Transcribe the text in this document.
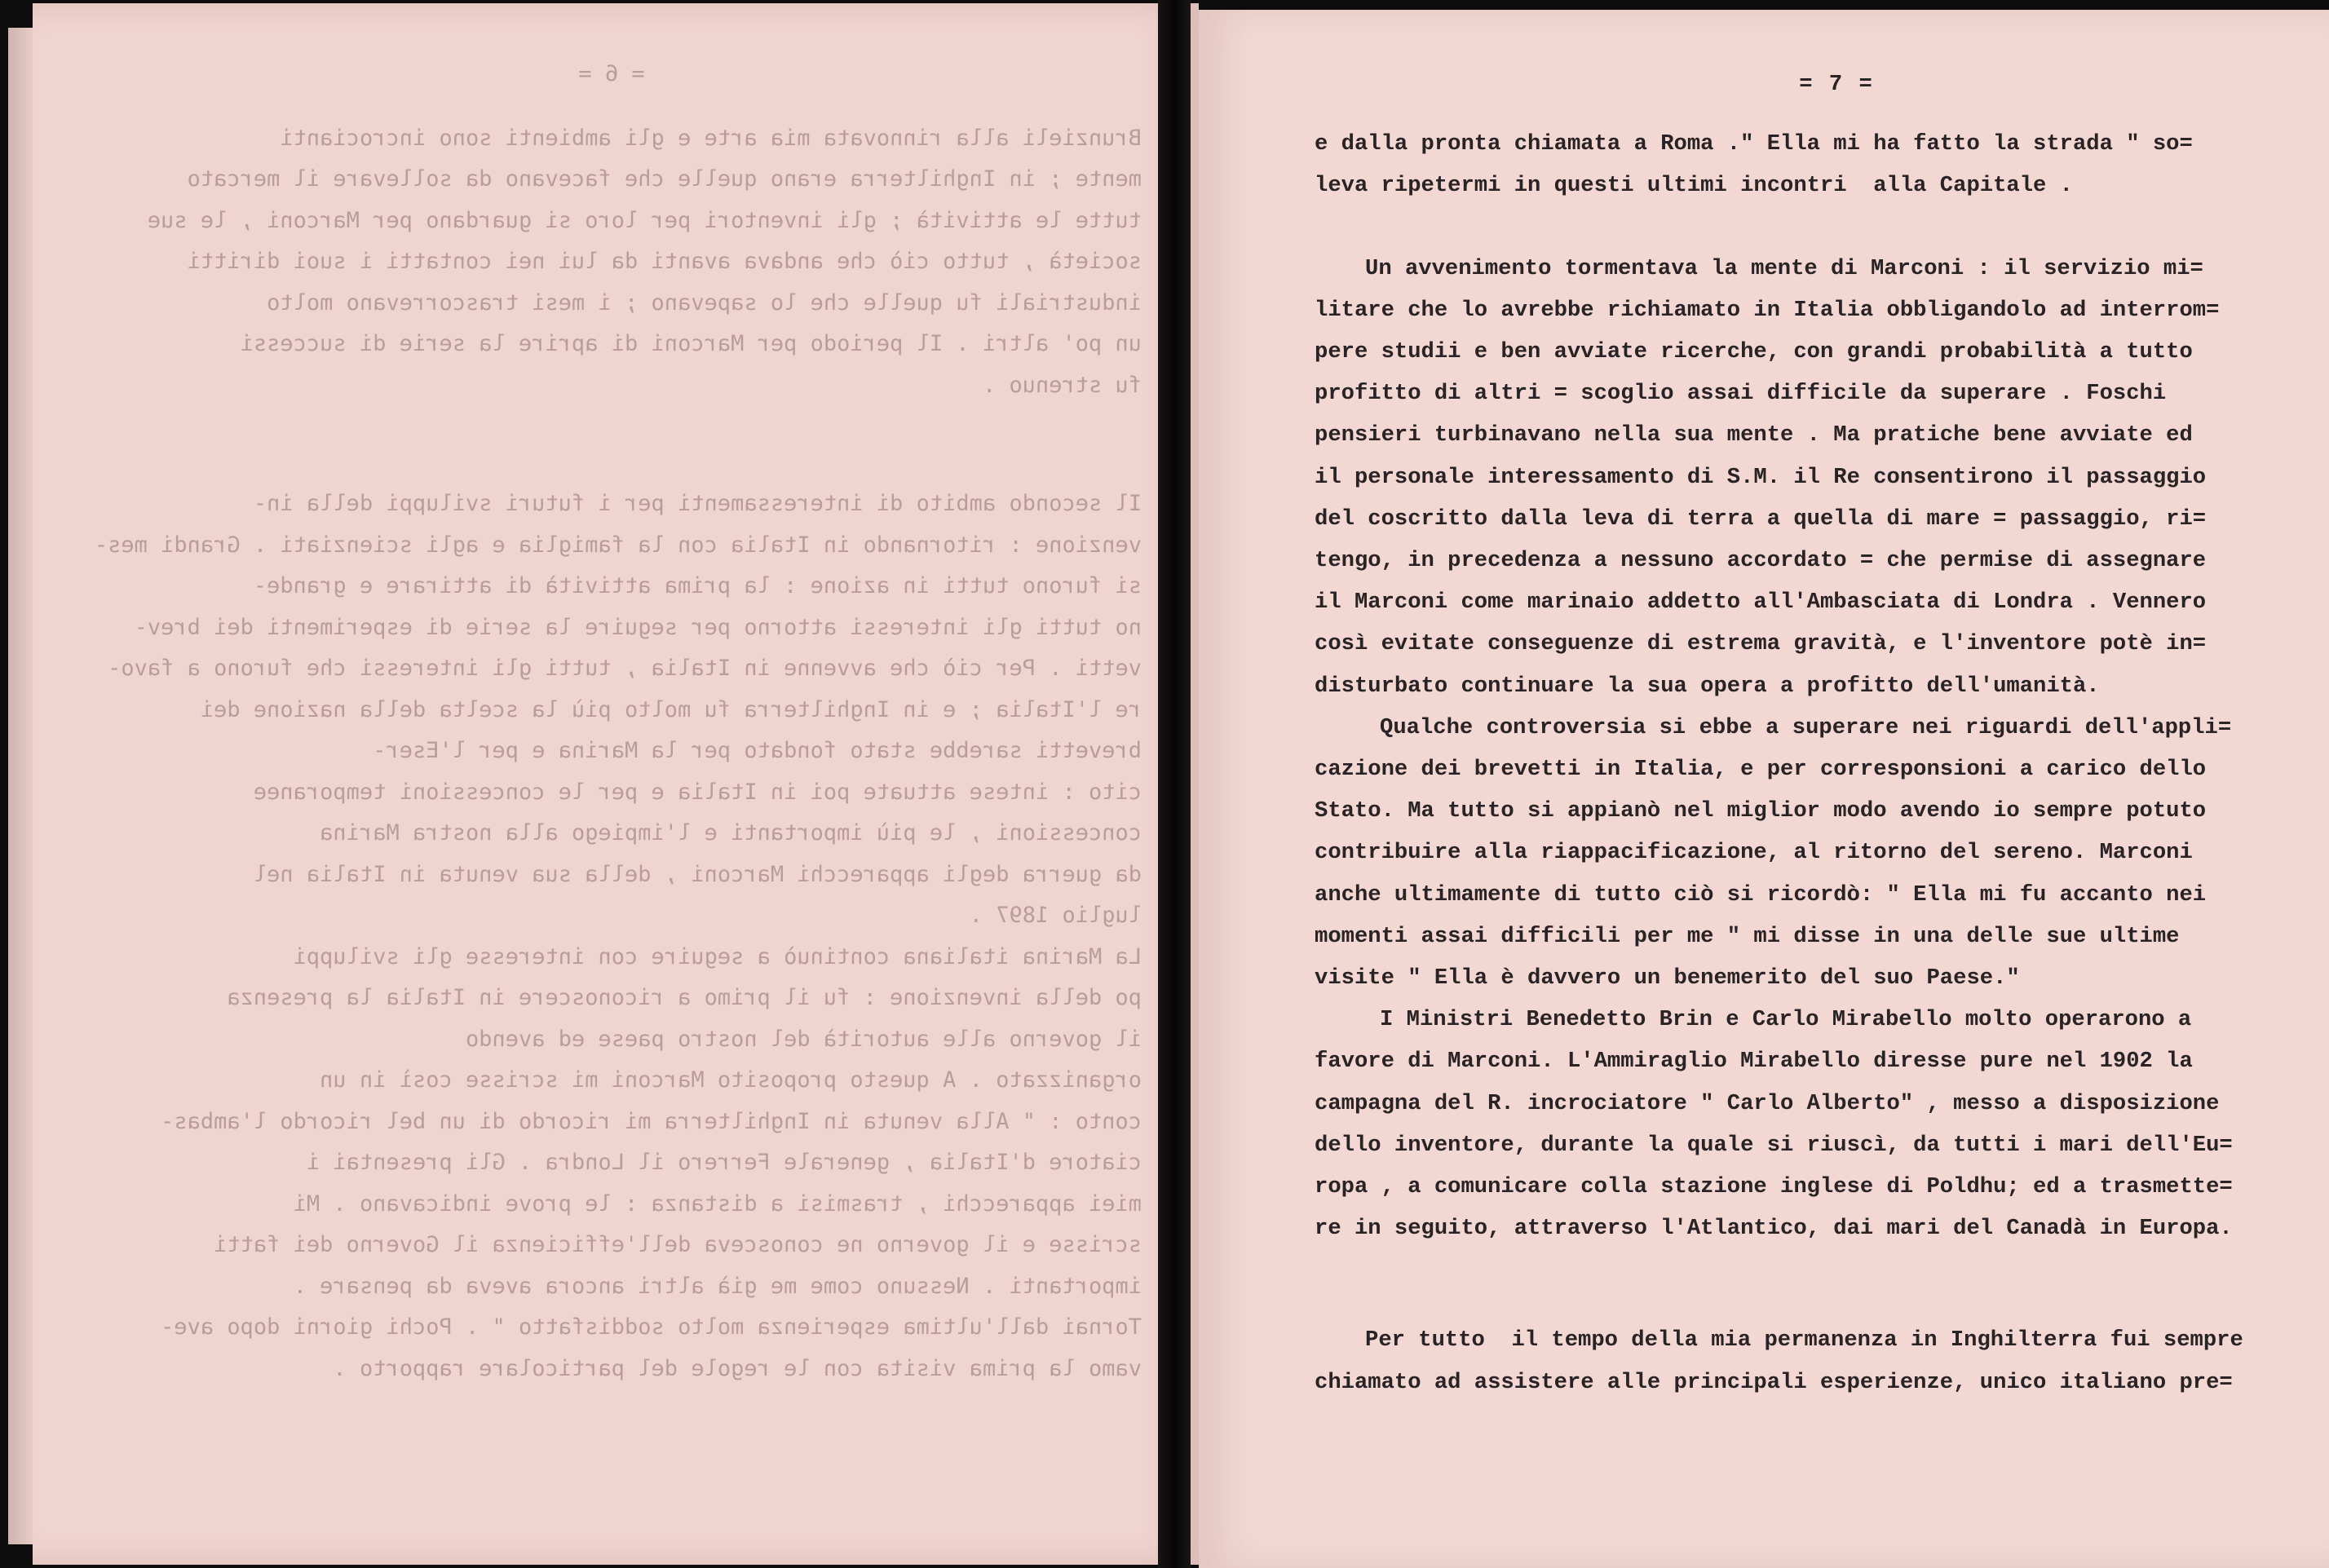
= 6 =
Brunzieli alla rinnovata mia arte e gli ambienti sono incrocianti
mente ; in Inghilterra erano quelle che facevano da sollevare il mercato
tutte le attività ; gli inventori per loro si guardano per Marconi , le sue
società , tutto ciò che andava avanti da lui nei contatti i suoi diritti
industriali fu quelle che lo sapevano ; i mesi trascorrevano molto
un po' altri . Il periodo per Marconi di aprire la serie di successi
fu strenuo .
Il secondo ambito di interessamenti per i futuri sviluppi della in-
venzione : ritornando in Italia con la famiglia e agli scienziati . Grandi mes-
si furono tutti in azione : la prima attività di attirare e grande-
no tutti gli interessi attorno per seguire la serie di esperimenti dei brev-
vetti . Per ciò che avvenne in Italia , tutti gli interessi che furono a favo-
re l'Italia ; e in Inghilterra fu molto più la scelta della nazione dei
brevetti sarebbe stato fondato per la Marina e per l'Eser-
cito : intese attuate poi in Italia e per le concessioni temporanee
concessioni , le più importanti e l'impiego alla nostra Marina
da guerra degli apparecchi Marconi , della sua venuta in Italia nel
luglio 1897 .
La Marina italiana continuò a seguire con interesse gli sviluppi
po della invenzione : fu il primo a riconoscere in Italia la presenza
il governo alle autorità del nostro paese ed avendo
organizzato . A questo proposito Marconi mi scrisse così in un
conto : " Alla venuta in Inghilterra mi ricordo di un bel ricordo l'ambas-
ciatore d'Italia , generale Ferrero il Londra . Gli presentai i
miei apparecchi , trasmisi a distanza : le prove indicavano . Mi
scrisse e il governo ne conosceva dell'efficienza il Governo dei fatti
importanti . Nessuno come me già altri ancora aveva da pensare .
Tornai dall'ultima esperienza molto soddisfatto " . Pochi giorni dopo ave-
vamo la prima visita con le regole del particolare rapporto .
= 7 =
e dalla pronta chiamata a Roma ." Ella mi ha fatto la strada " so=
leva ripetermi in questi ultimi incontri  alla Capitale .
Un avvenimento tormentava la mente di Marconi : il servizio mi=
litare che lo avrebbe richiamato in Italia obbligandolo ad interrom=
pere studii e ben avviate ricerche, con grandi probabilità a tutto
profitto di altri = scoglio assai difficile da superare . Foschi
pensieri turbinavano nella sua mente . Ma pratiche bene avviate ed
il personale interessamento di S.M. il Re consentirono il passaggio
del coscritto dalla leva di terra a quella di mare = passaggio, ri=
tengo, in precedenza a nessuno accordato = che permise di assegnare
il Marconi come marinaio addetto all'Ambasciata di Londra . Vennero
così evitate conseguenze di estrema gravità, e l'inventore potè in=
disturbato continuare la sua opera a profitto dell'umanità.
Qualche controversia si ebbe a superare nei riguardi dell'appli=
cazione dei brevetti in Italia, e per corresponsioni a carico dello
Stato. Ma tutto si appianò nel miglior modo avendo io sempre potuto
contribuire alla riappacificazione, al ritorno del sereno. Marconi
anche ultimamente di tutto ciò si ricordò: " Ella mi fu accanto nei
momenti assai difficili per me " mi disse in una delle sue ultime
visite " Ella è davvero un benemerito del suo Paese."
I Ministri Benedetto Brin e Carlo Mirabello molto operarono a
favore di Marconi. L'Ammiraglio Mirabello diresse pure nel 1902 la
campagna del R. incrociatore " Carlo Alberto" , messo a disposizione
dello inventore, durante la quale si riuscì, da tutti i mari dell'Eu=
ropa , a comunicare colla stazione inglese di Poldhu; ed a trasmette=
re in seguito, attraverso l'Atlantico, dai mari del Canadà in Europa.
Per tutto  il tempo della mia permanenza in Inghilterra fui sempre
chiamato ad assistere alle principali esperienze, unico italiano pre=
